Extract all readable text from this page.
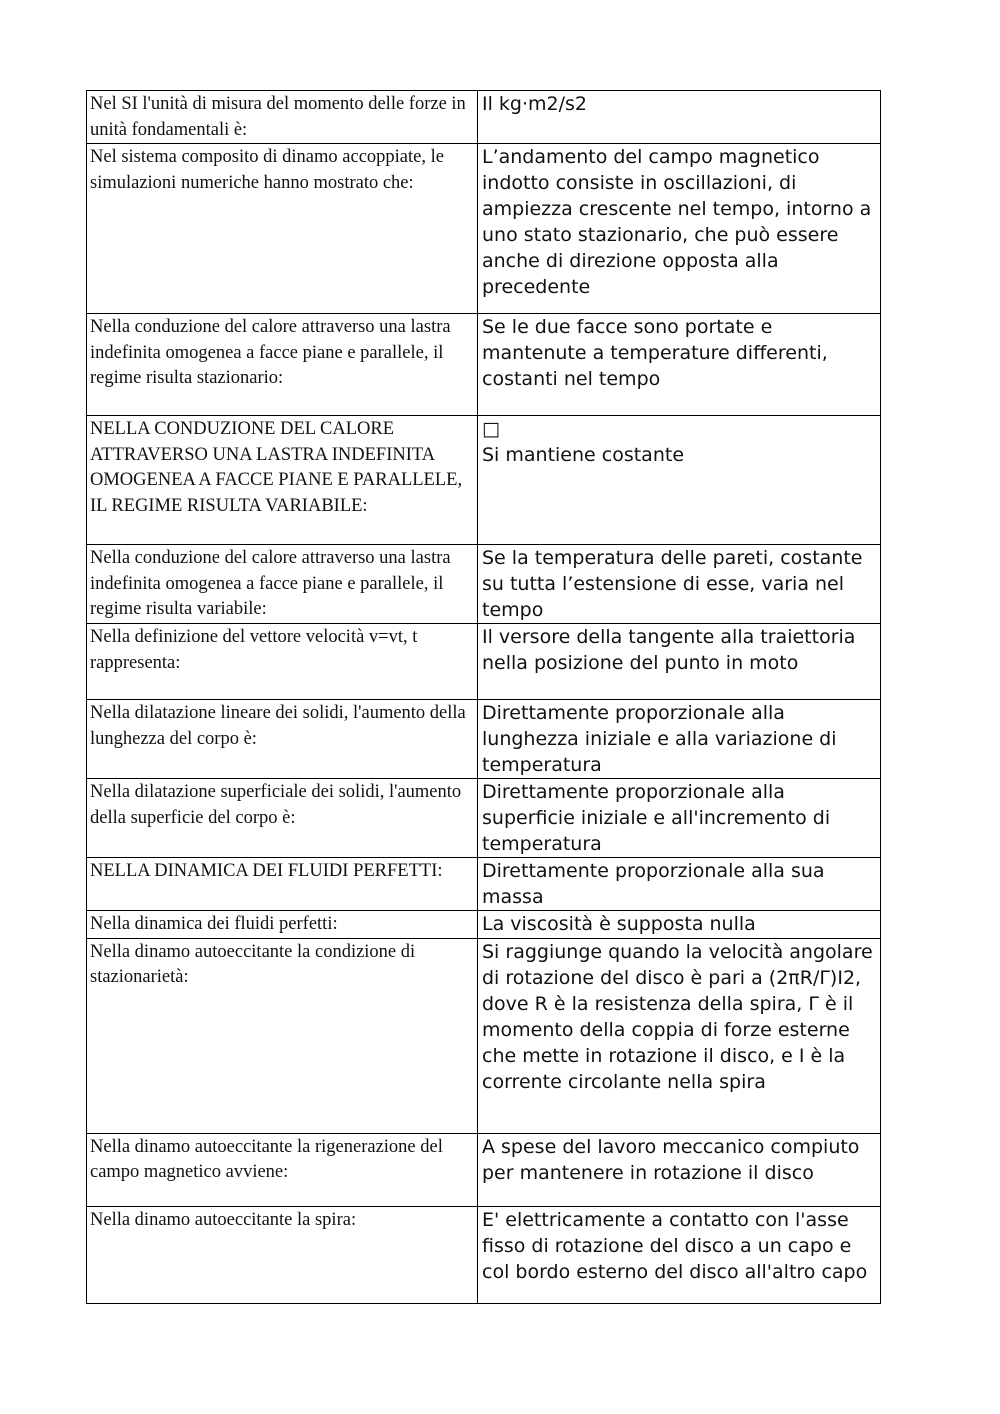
Nel SI l'unità di misura del momento delle forze in unità fondamentali è:	Il kg·m2/s2

Nel sistema composito di dinamo accoppiate, le simulazioni numeriche hanno mostrato che:	L’andamento del campo magnetico indotto consiste in oscillazioni, di ampiezza crescente nel tempo, intorno a uno stato stazionario, che può essere anche di direzione opposta alla precedente

Nella conduzione del calore attraverso una lastra indefinita omogenea a facce piane e parallele, il regime risulta stazionario:	Se le due facce sono portate e mantenute a temperature differenti, costanti nel tempo

NELLA CONDUZIONE DEL CALORE ATTRAVERSO UNA LASTRA INDEFINITA OMOGENEA A FACCE PIANE E PARALLELE, IL REGIME RISULTA VARIABILE:	□
Si mantiene costante

Nella conduzione del calore attraverso una lastra indefinita omogenea a facce piane e parallele, il regime risulta variabile:	Se la temperatura delle pareti, costante su tutta l’estensione di esse, varia nel tempo

Nella definizione del vettore velocità v=vt, t rappresenta:	Il versore della tangente alla traiettoria nella posizione del punto in moto

Nella dilatazione lineare dei solidi, l'aumento della lunghezza del corpo è:	Direttamente proporzionale alla lunghezza iniziale e alla variazione di temperatura

Nella dilatazione superficiale dei solidi, l'aumento della superficie del corpo è:	Direttamente proporzionale alla superficie iniziale e all'incremento di temperatura

NELLA DINAMICA DEI FLUIDI PERFETTI:	Direttamente proporzionale alla sua massa

Nella dinamica dei fluidi perfetti:	La viscosità è supposta nulla

Nella dinamo autoeccitante la condizione di stazionarietà:	Si raggiunge quando la velocità angolare di rotazione del disco è pari a (2πR/Γ)I2, dove R è la resistenza della spira, Γ è il momento della coppia di forze esterne che mette in rotazione il disco, e I è la corrente circolante nella spira

Nella dinamo autoeccitante la rigenerazione del campo magnetico avviene:	A spese del lavoro meccanico compiuto per mantenere in rotazione il disco

Nella dinamo autoeccitante la spira:	E' elettricamente a contatto con l'asse fisso di rotazione del disco a un capo e col bordo esterno del disco all'altro capo
